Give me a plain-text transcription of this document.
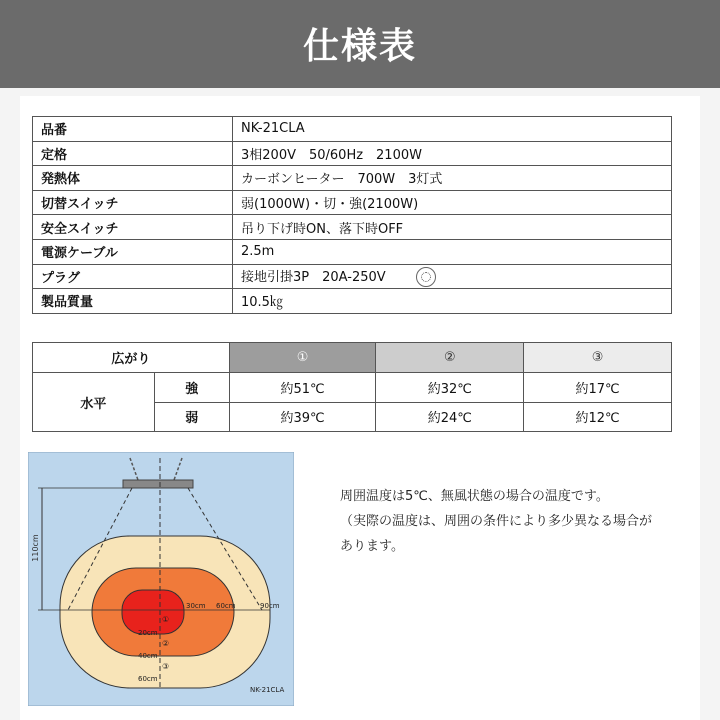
仕様表
品番	NK-21CLA
定格	3相200V　50/60Hz　2100W
発熱体	カーボンヒーター　700W　3灯式
切替スイッチ	弱(1000W)・切・強(2100W)
安全スイッチ	吊り下げ時ON、落下時OFF
電源ケーブル	2.5m
プラグ	接地引掛3P　20A-250V
製品質量	10.5㎏
広がり		①	②	③
水平	強	約51℃	約32℃	約17℃
	弱	約39℃	約24℃	約12℃
110cm
30cm 60cm	90cm
①
②
③
20cm
40cm
60cm
NK-21CLA

周囲温度は5℃、無風状態の場合の温度です。

（実際の温度は、周囲の条件により多少異なる場合が

あります。
